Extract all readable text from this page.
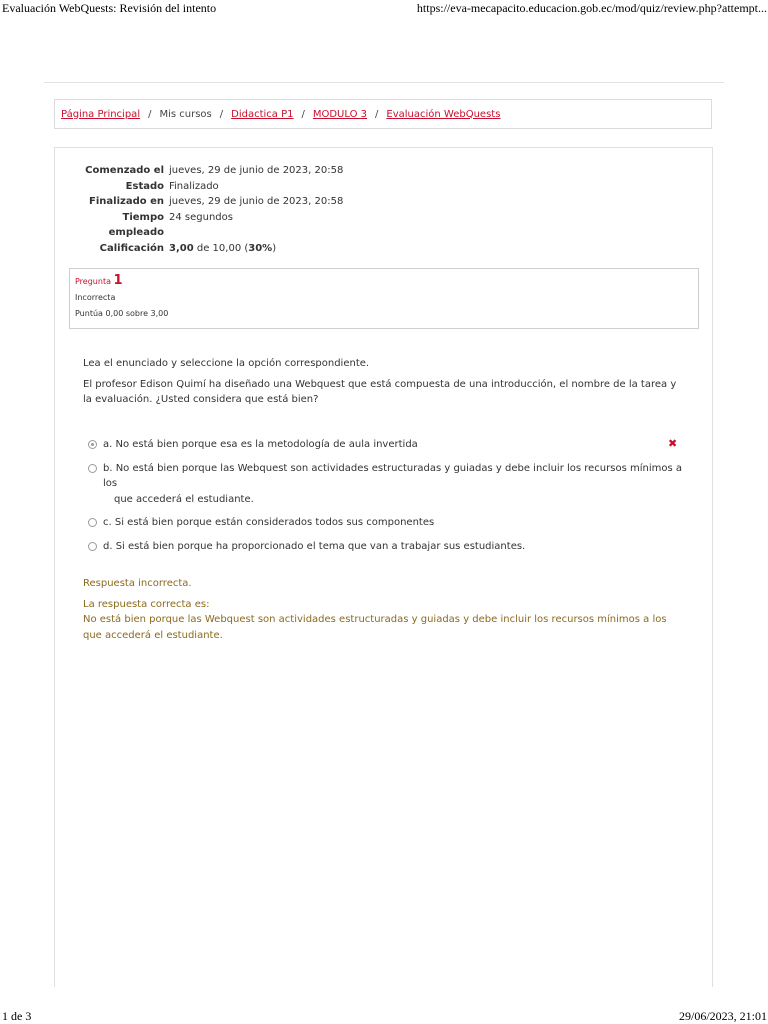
Evaluación WebQuests: Revisión del intento	https://eva-mecapacito.educacion.gob.ec/mod/quiz/review.php?attempt...
Página Principal / Mis cursos / Didactica P1 / MODULO 3 / Evaluación WebQuests
Comenzado el	jueves, 29 de junio de 2023, 20:58
Estado	Finalizado
Finalizado en	jueves, 29 de junio de 2023, 20:58
Tiempo empleado	24 segundos
Calificación	3,00 de 10,00 (30%)
Pregunta 1
Incorrecta
Puntúa 0,00 sobre 3,00

Lea el enunciado y seleccione la opción correspondiente.

El profesor Edison Quimí ha diseñado una Webquest que está compuesta de una introducción, el nombre de la tarea y la evaluación. ¿Usted considera que está bien?

a. No está bien porque esa es la metodología de aula invertida
b. No está bien porque las Webquest son actividades estructuradas y guiadas y debe incluir los recursos mínimos a los
que accederá el estudiante.
c. Si está bien porque están considerados todos sus componentes
d. Si está bien porque ha proporcionado el tema que van a trabajar sus estudiantes.
✖

Respuesta incorrecta.

La respuesta correcta es:
No está bien porque las Webquest son actividades estructuradas y guiadas y debe incluir los recursos mínimos a los que accederá el estudiante.

1 de 3	29/06/2023, 21:01
